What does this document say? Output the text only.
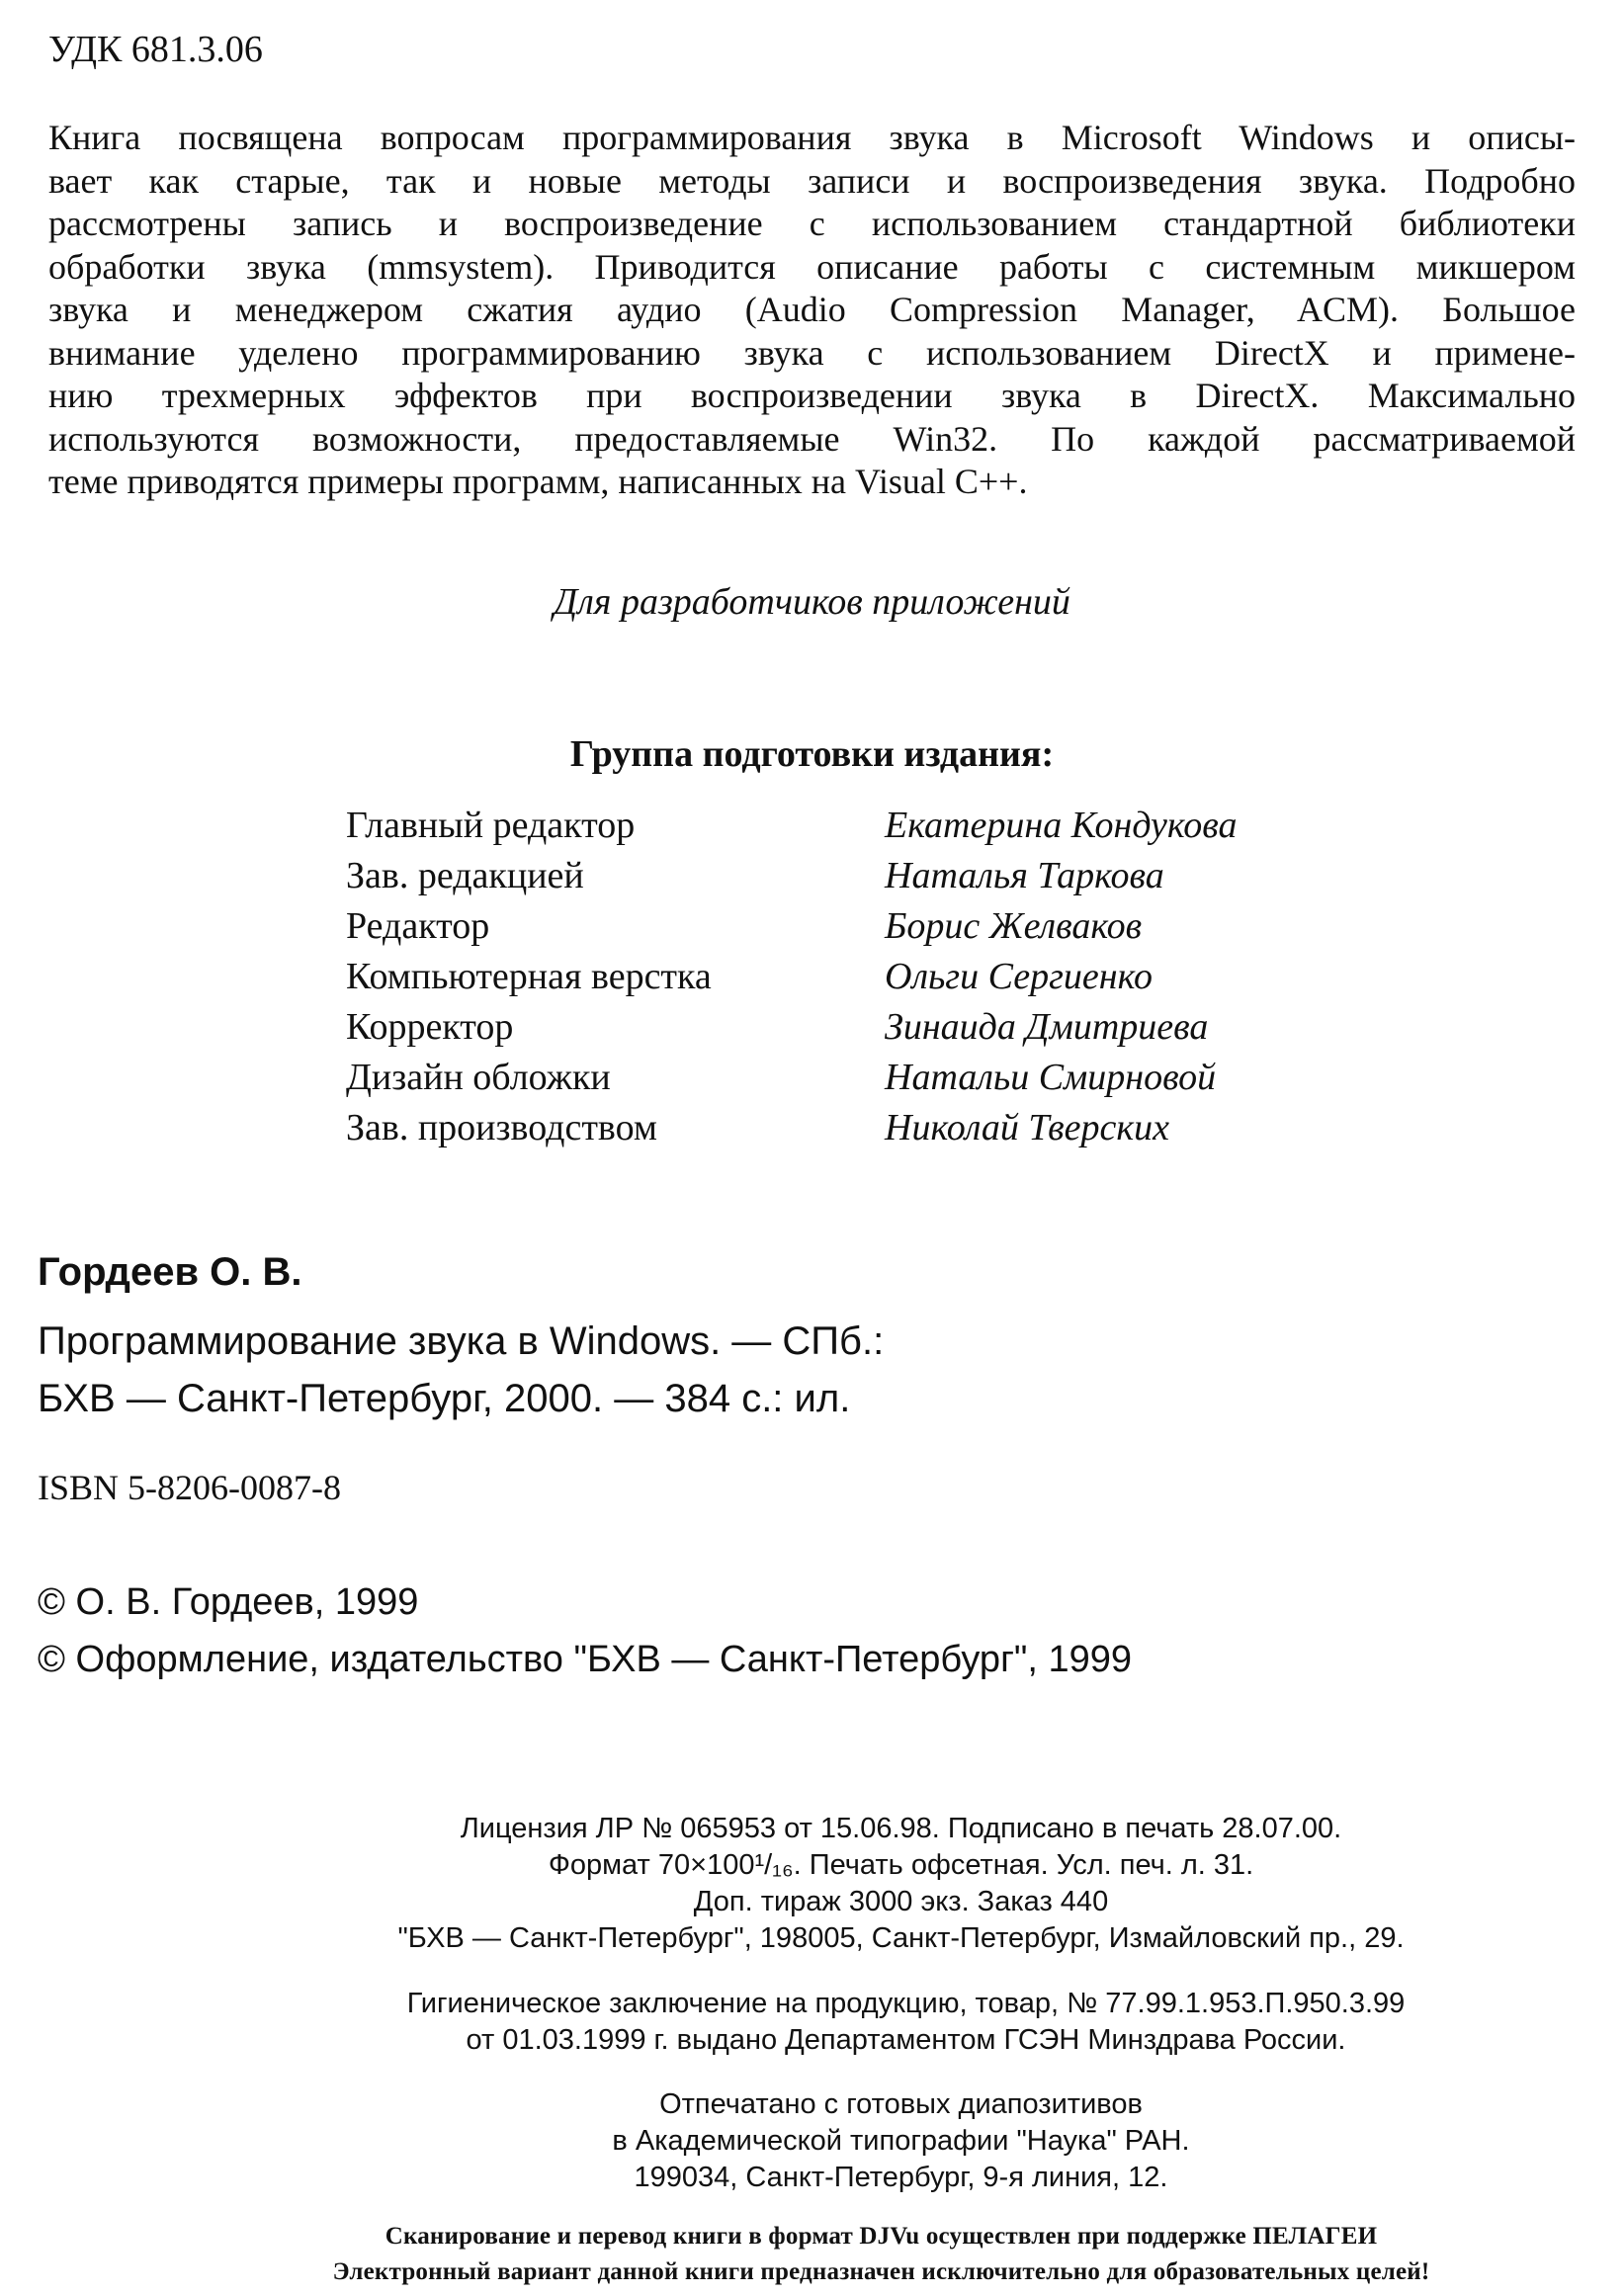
УДК 681.3.06
Книга посвящена вопросам программирования звука в Microsoft Windows и описы-
вает как старые, так и новые методы записи и воспроизведения звука. Подробно
рассмотрены запись и воспроизведение с использованием стандартной библиотеки
обработки звука (mmsystem). Приводится описание работы с системным микшером
звука и менеджером сжатия аудио (Audio Compression Manager, ACM). Большое
внимание уделено программированию звука с использованием DirectX и примене-
нию трехмерных эффектов при воспроизведении звука в DirectX. Максимально
используются возможности, предоставляемые Win32. По каждой рассматриваемой
теме приводятся примеры программ, написанных на Visual C++.
Для разработчиков приложений
Группа подготовки издания:
Главный редактор	Екатерина Кондукова
Зав. редакцией	Наталья Таркова
Редактор	Борис Желваков
Компьютерная верстка	Ольги Сергиенко
Корректор	Зинаида Дмитриева
Дизайн обложки	Натальи Смирновой
Зав. производством	Николай Тверских
Гордеев О. В.
Программирование звука в Windows. — СПб.:
БХВ — Санкт-Петербург, 2000. — 384 с.: ил.
ISBN 5-8206-0087-8
© О. В. Гордеев, 1999
© Оформление, издательство "БХВ — Санкт-Петербург", 1999
Лицензия ЛР № 065953 от 15.06.98. Подписано в печать 28.07.00.
Формат 70×100¹/₁₆. Печать офсетная. Усл. печ. л. 31.
Доп. тираж 3000 экз. Заказ 440
"БХВ — Санкт-Петербург", 198005, Санкт-Петербург, Измайловский пр., 29.
Гигиеническое заключение на продукцию, товар, № 77.99.1.953.П.950.3.99
от 01.03.1999 г. выдано Департаментом ГСЭН Минздрава России.
Отпечатано с готовых диапозитивов
в Академической типографии "Наука" РАН.
199034, Санкт-Петербург, 9-я линия, 12.
Сканирование и перевод книги в формат DJVu осуществлен при поддержке ПЕЛАГЕИ
Электронный вариант данной книги предназначен исключительно для образовательных целей!
